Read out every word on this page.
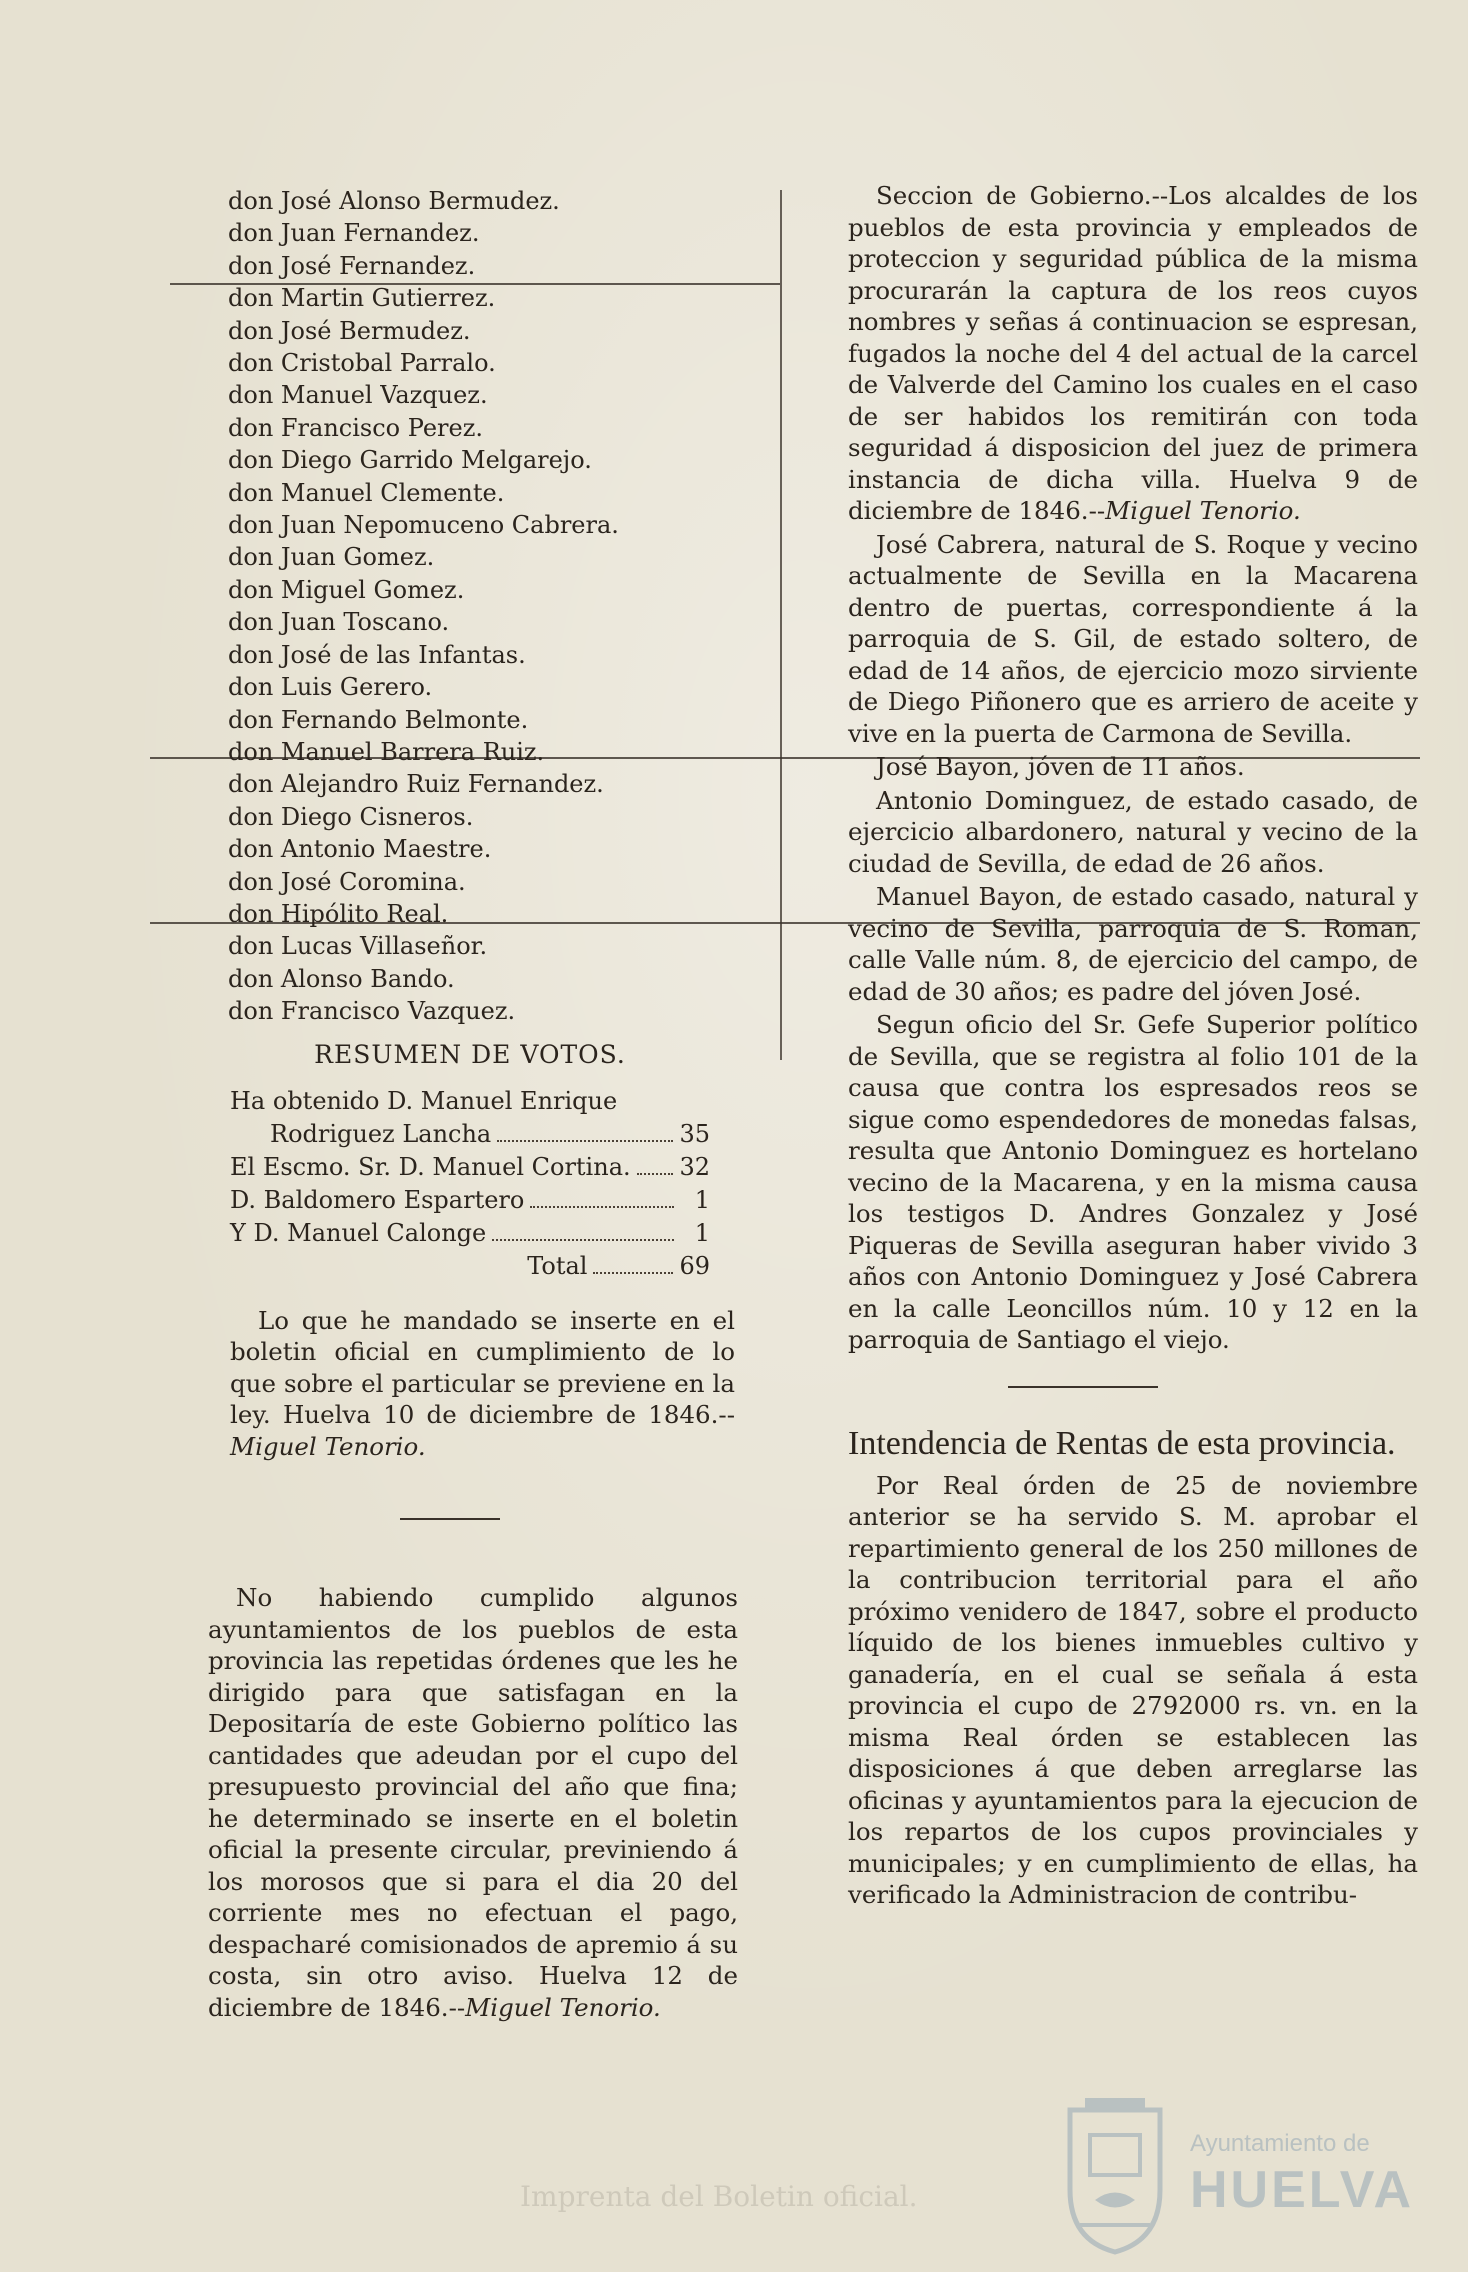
don José Alonso Bermudez.
don Juan Fernandez.
don José Fernandez.
don Martin Gutierrez.
don José Bermudez.
don Cristobal Parralo.
don Manuel Vazquez.
don Francisco Perez.
don Diego Garrido Melgarejo.
don Manuel Clemente.
don Juan Nepomuceno Cabrera.
don Juan Gomez.
don Miguel Gomez.
don Juan Toscano.
don José de las Infantas.
don Luis Gerero.
don Fernando Belmonte.
don Manuel Barrera Ruiz.
don Alejandro Ruiz Fernandez.
don Diego Cisneros.
don Antonio Maestre.
don José Coromina.
don Hipólito Real.
don Lucas Villaseñor.
don Alonso Bando.
don Francisco Vazquez.
RESUMEN DE VOTOS.
Ha obtenido D. Manuel Enrique
Rodriguez Lancha	35
El Escmo. Sr. D. Manuel Cortina. 32
D. Baldomero Espartero	1
Y D. Manuel Calonge	1
Total	69

Lo que he mandado se inserte en el boletin oficial en cumplimiento de lo que sobre el particular se previene en la ley. Huelva 10 de diciembre de 1846.--Miguel Tenorio.

No habiendo cumplido algunos ayuntamientos de los pueblos de esta provincia las repetidas órdenes que les he dirigido para que satisfagan en la Depositaría de este Gobierno político las cantidades que adeudan por el cupo del presupuesto provincial del año que fina; he determinado se inserte en el boletin oficial la presente circular, previniendo á los morosos que si para el dia 20 del corriente mes no efectuan el pago, despacharé comisionados de apremio á su costa, sin otro aviso. Huelva 12 de diciembre de 1846.--Miguel Tenorio.

Seccion de Gobierno.--Los alcaldes de los pueblos de esta provincia y empleados de proteccion y seguridad pública de la misma procurarán la captura de los reos cuyos nombres y señas á continuacion se espresan, fugados la noche del 4 del actual de la carcel de Valverde del Camino los cuales en el caso de ser habidos los remitirán con toda seguridad á disposicion del juez de primera instancia de dicha villa. Huelva 9 de diciembre de 1846.--Miguel Tenorio.

José Cabrera, natural de S. Roque y vecino actualmente de Sevilla en la Macarena dentro de puertas, correspondiente á la parroquia de S. Gil, de estado soltero, de edad de 14 años, de ejercicio mozo sirviente de Diego Piñonero que es arriero de aceite y vive en la puerta de Carmona de Sevilla.

José Bayon, jóven de 11 años.

Antonio Dominguez, de estado casado, de ejercicio albardonero, natural y vecino de la ciudad de Sevilla, de edad de 26 años.

Manuel Bayon, de estado casado, natural y vecino de Sevilla, parroquia de S. Roman, calle Valle núm. 8, de ejercicio del campo, de edad de 30 años; es padre del jóven José.

Segun oficio del Sr. Gefe Superior político de Sevilla, que se registra al folio 101 de la causa que contra los espresados reos se sigue como espendedores de monedas falsas, resulta que Antonio Dominguez es hortelano vecino de la Macarena, y en la misma causa los testigos D. Andres Gonzalez y José Piqueras de Sevilla aseguran haber vivido 3 años con Antonio Dominguez y José Cabrera en la calle Leoncillos núm. 10 y 12 en la parroquia de Santiago el viejo.

Intendencia de Rentas de esta provincia.

Por Real órden de 25 de noviembre anterior se ha servido S. M. aprobar el repartimiento general de los 250 millones de la contribucion territorial para el año próximo venidero de 1847, sobre el producto líquido de los bienes inmuebles cultivo y ganadería, en el cual se señala á esta provincia el cupo de 2792000 rs. vn. en la misma Real órden se establecen las disposiciones á que deben arreglarse las oficinas y ayuntamientos para la ejecucion de los repartos de los cupos provinciales y municipales; y en cumplimiento de ellas, ha verificado la Administracion de contribu-

Imprenta del Boletin oficial.
Ayuntamiento de
HUELVA
